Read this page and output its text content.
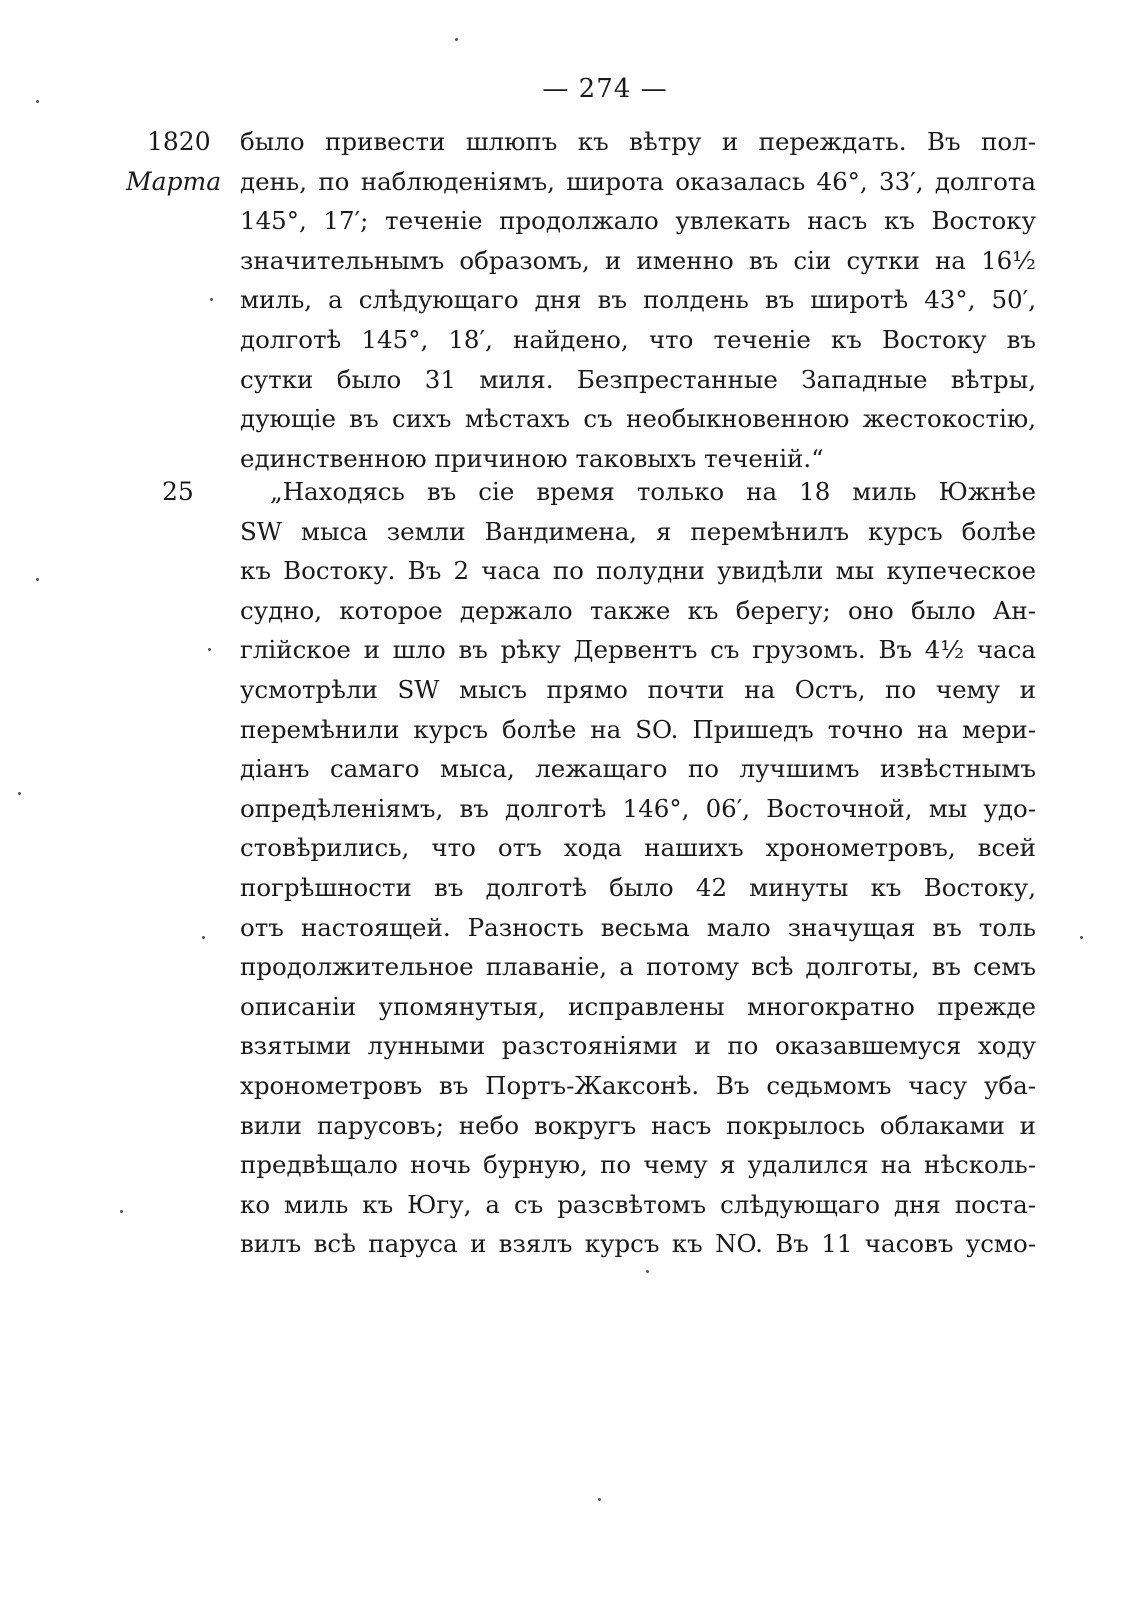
— 274 —
1820
Марта
25
было привести шлюпъ къ вѣтру и переждать. Въ пол-
день, по наблюденіямъ, широта оказалась 46°, 33′, долгота
145°, 17′; теченіе продолжало увлекать насъ къ Востоку
значительнымъ образомъ, и именно въ сіи сутки на 16½
миль, а слѣдующаго дня въ полдень въ широтѣ 43°, 50′,
долготѣ 145°, 18′, найдено, что теченіе къ Востоку въ
сутки было 31 миля. Безпрестанные Западные вѣтры,
дующіе въ сихъ мѣстахъ съ необыкновенною жестокостію,
единственною причиною таковыхъ теченій.“
„Находясь въ сіе время только на 18 миль Южнѣе
SW мыса земли Вандимена, я перемѣнилъ курсъ болѣе
къ Востоку. Въ 2 часа по полудни увидѣли мы купеческое
судно, которое держало также къ берегу; оно было Ан-
глійское и шло въ рѣку Дервентъ съ грузомъ. Въ 4½ часа
усмотрѣли SW мысъ прямо почти на Остъ, по чему и
перемѣнили курсъ болѣе на SO. Пришедъ точно на мери-
діанъ самаго мыса, лежащаго по лучшимъ извѣстнымъ
опредѣленіямъ, въ долготѣ 146°, 06′, Восточной, мы удо-
стовѣрились, что отъ хода нашихъ хронометровъ, всей
погрѣшности въ долготѣ было 42 минуты къ Востоку,
отъ настоящей. Разность весьма мало значущая въ толь
продолжительное плаваніе, а потому всѣ долготы, въ семъ
описаніи упомянутыя, исправлены многократно прежде
взятыми лунными разстояніями и по оказавшемуся ходу
хронометровъ въ Портъ-Жаксонѣ. Въ седьмомъ часу уба-
вили парусовъ; небо вокругъ насъ покрылось облаками и
предвѣщало ночь бурную, по чему я удалился на нѣсколь-
ко миль къ Югу, а съ разсвѣтомъ слѣдующаго дня поста-
вилъ всѣ паруса и взялъ курсъ къ NO. Въ 11 часовъ усмо-
